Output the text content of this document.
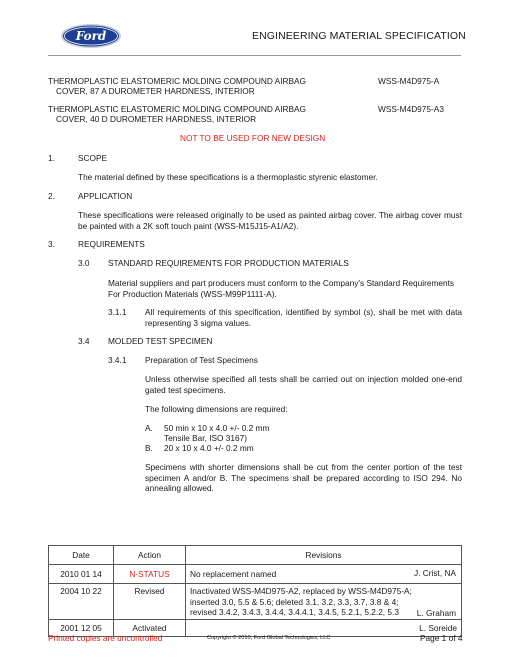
Ford	ENGINEERING MATERIAL SPECIFICATION
THERMOPLASTIC ELASTOMERIC MOLDING COMPOUND AIRBAG
COVER, 87 A DUROMETER HARDNESS, INTERIOR
WSS-M4D975-A
THERMOPLASTIC ELASTOMERIC MOLDING COMPOUND AIRBAG
COVER, 40 D DUROMETER HARDNESS, INTERIOR
WSS-M4D975-A3
NOT TO BE USED FOR NEW DESIGN
1.	SCOPE
The material defined by these specifications is a thermoplastic styrenic elastomer.
2.	APPLICATION
These specifications were released originally to be used as painted airbag cover. The airbag cover must be painted with a 2K soft touch paint (WSS-M15J15-A1/A2).
3.	REQUIREMENTS
3.0 STANDARD REQUIREMENTS FOR PRODUCTION MATERIALS
Material suppliers and part producers must conform to the Company's Standard Requirements For Production Materials (WSS-M99P1111-A).
3.1.1 All requirements of this specification, identified by symbol (s), shall be met with data representing 3 sigma values.
3.4 MOLDED TEST SPECIMEN
3.4.1 Preparation of Test Specimens
Unless otherwise specified all tests shall be carried out on injection molded one-end gated test specimens.
The following dimensions are required:
A. 50 min x 10 x 4.0 +/- 0.2 mm
Tensile Bar, ISO 3167)
B. 20 x 10 x 4.0 +/- 0.2 mm
Specimens with shorter dimensions shall be cut from the center portion of the test specimen A and/or B. The specimens shall be prepared according to ISO 294. No annealing allowed.
Date	Action	Revisions
2010 01 14	N-STATUS	No replacement named J. Crist, NA

2004 10 22	Revised	Inactivated WSS-M4D975-A2, replaced by WSS-M4D975-A;
inserted 3.0, 5.5 & 5.6; deleted 3.1, 3.2, 3.3, 3.7, 3.8 & 4;
revised 3.4.2, 3.4.3, 3.4.4, 3.4.4.1, 3.4.5, 5.2.1, 5.2.2, 5.3 L. Graham

2001 12 05	Activated	L. Soreide
Printed copies are uncontrolled	Copyright © 2010, Ford Global Technologies, LLC	Page 1 of 4
